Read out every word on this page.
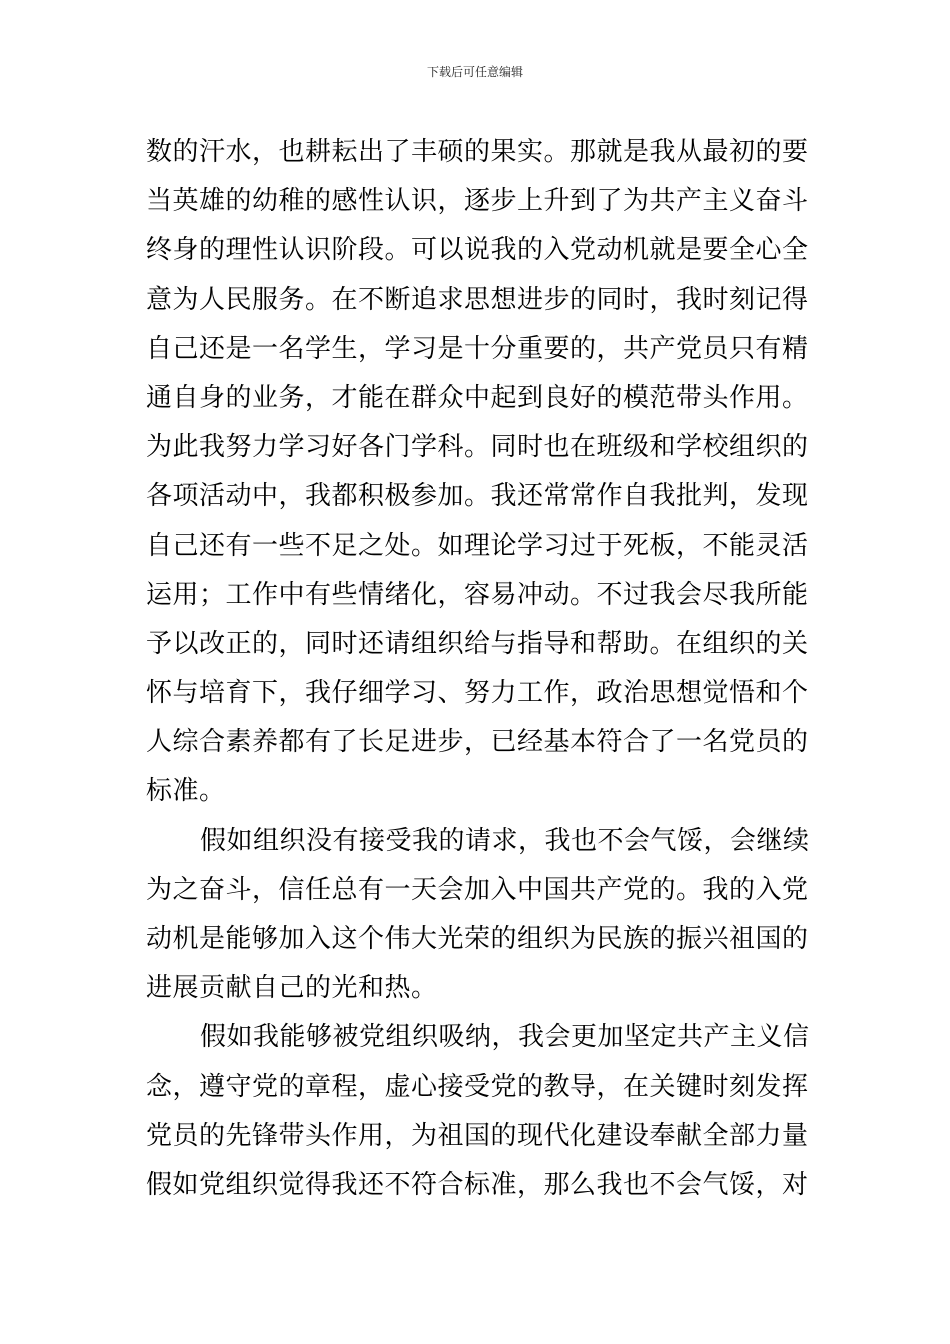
下载后可任意编辑
数的汗水，也耕耘出了丰硕的果实。那就是我从最初的要
当英雄的幼稚的感性认识，逐步上升到了为共产主义奋斗
终身的理性认识阶段。可以说我的入党动机就是要全心全
意为人民服务。在不断追求思想进步的同时，我时刻记得
自己还是一名学生，学习是十分重要的，共产党员只有精
通自身的业务，才能在群众中起到良好的模范带头作用。
为此我努力学习好各门学科。同时也在班级和学校组织的
各项活动中，我都积极参加。我还常常作自我批判，发现
自己还有一些不足之处。如理论学习过于死板，不能灵活
运用；工作中有些情绪化，容易冲动。不过我会尽我所能
予以改正的，同时还请组织给与指导和帮助。在组织的关
怀与培育下，我仔细学习、努力工作，政治思想觉悟和个
人综合素养都有了长足进步，已经基本符合了一名党员的
标准。
假如组织没有接受我的请求，我也不会气馁，会继续
为之奋斗，信任总有一天会加入中国共产党的。我的入党
动机是能够加入这个伟大光荣的组织为民族的振兴祖国的
进展贡献自己的光和热。
假如我能够被党组织吸纳，我会更加坚定共产主义信
念，遵守党的章程，虚心接受党的教导，在关键时刻发挥
党员的先锋带头作用，为祖国的现代化建设奉献全部力量
假如党组织觉得我还不符合标准，那么我也不会气馁，对
